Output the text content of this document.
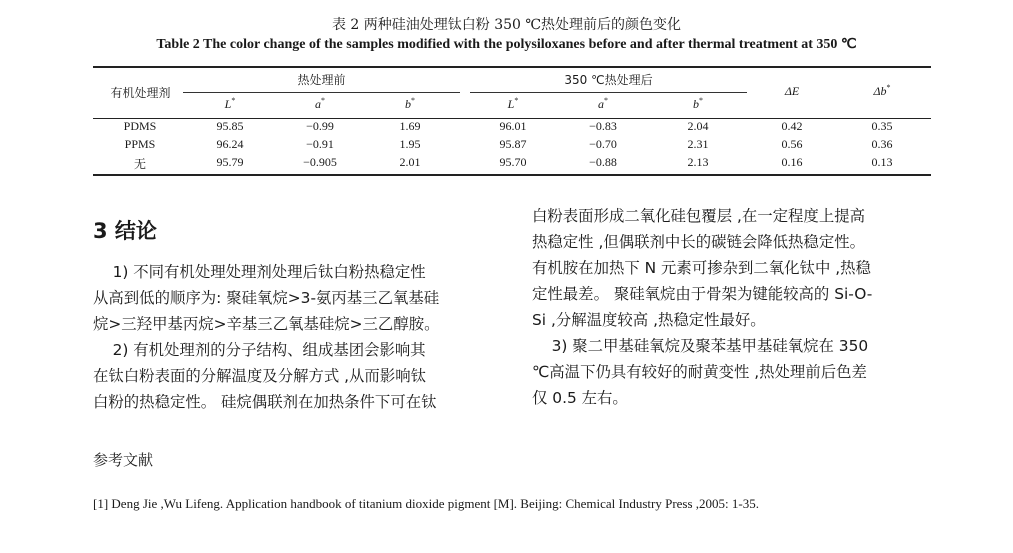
表 2 两种硅油处理钛白粉 350 ℃热处理前后的颜色变化
Table 2 The color change of the samples modified with the polysiloxanes before and after thermal treatment at 350 ℃
有机处理剂
热处理前	350 ℃热处理后
L*	a*	b*	L*	a*	b*
ΔE	Δb*
PDMS	95.85	−0.99	1.69	96.01	−0.83	2.04	0.42	0.35
PPMS	96.24	−0.91	1.95	95.87	−0.70	2.31	0.56	0.36
无	95.79	−0.905	2.01	95.70	−0.88	2.13	0.16	0.13
3 结论
1) 不同有机处理处理剂处理后钛白粉热稳定性
从高到低的顺序为: 聚硅氧烷>3-氨丙基三乙氧基硅
烷>三羟甲基丙烷>辛基三乙氧基硅烷>三乙醇胺。
2) 有机处理剂的分子结构、组成基团会影响其
在钛白粉表面的分解温度及分解方式 ,从而影响钛
白粉的热稳定性。 硅烷偶联剂在加热条件下可在钛
白粉表面形成二氧化硅包覆层 ,在一定程度上提高
热稳定性 ,但偶联剂中长的碳链会降低热稳定性。
有机胺在加热下 N 元素可掺杂到二氧化钛中 ,热稳
定性最差。 聚硅氧烷由于骨架为键能较高的 Si-O-
Si ,分解温度较高 ,热稳定性最好。
3) 聚二甲基硅氧烷及聚苯基甲基硅氧烷在 350
℃高温下仍具有较好的耐黄变性 ,热处理前后色差
仅 0.5 左右。
参考文献
[1] Deng Jie ,Wu Lifeng. Application handbook of titanium dioxide pigment [M]. Beijing: Chemical Industry Press ,2005: 1-35.
